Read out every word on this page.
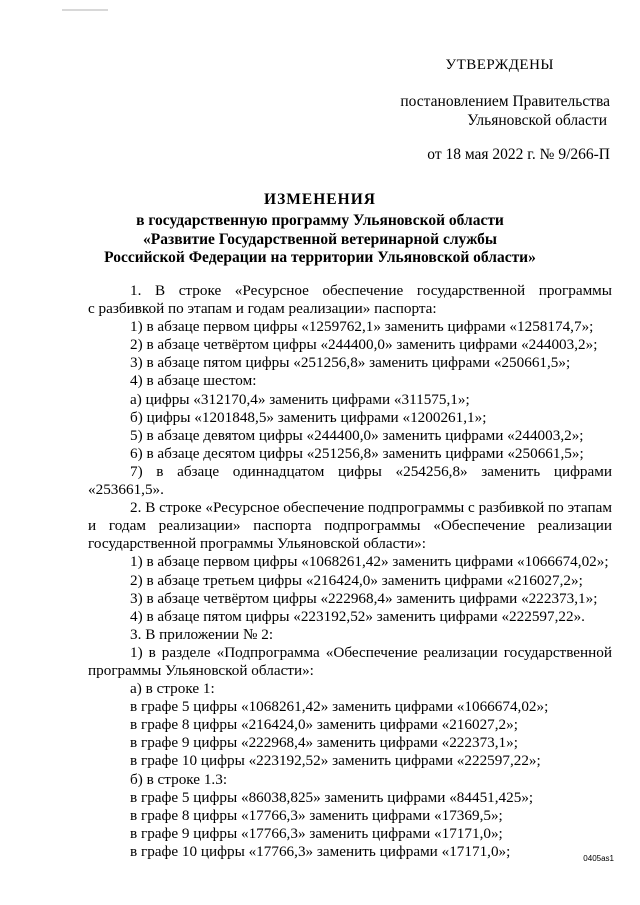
УТВЕРЖДЕНЫ
постановлением Правительства
Ульяновской области
от 18 мая 2022 г. № 9/266-П
ИЗМЕНЕНИЯ
в государственную программу Ульяновской области
«Развитие Государственной ветеринарной службы
Российской Федерации на территории Ульяновской области»

1. В строке «Ресурсное обеспечение государственной программы

с разбивкой по этапам и годам реализации» паспорта:

1) в абзаце первом цифры «1259762,1» заменить цифрами «1258174,7»;

2) в абзаце четвёртом цифры «244400,0» заменить цифрами «244003,2»;

3) в абзаце пятом цифры «251256,8» заменить цифрами «250661,5»;

4) в абзаце шестом:

а) цифры «312170,4» заменить цифрами «311575,1»;

б) цифры «1201848,5» заменить цифрами «1200261,1»;

5) в абзаце девятом цифры «244400,0» заменить цифрами «244003,2»;

6) в абзаце десятом цифры «251256,8» заменить цифрами «250661,5»;

7) в абзаце одиннадцатом цифры «254256,8» заменить цифрами

«253661,5».

2. В строке «Ресурсное обеспечение подпрограммы с разбивкой по этапам

и годам реализации» паспорта подпрограммы «Обеспечение реализации

государственной программы Ульяновской области»:

1) в абзаце первом цифры «1068261,42» заменить цифрами «1066674,02»;

2) в абзаце третьем цифры «216424,0» заменить цифрами «216027,2»;

3) в абзаце четвёртом цифры «222968,4» заменить цифрами «222373,1»;

4) в абзаце пятом цифры «223192,52» заменить цифрами «222597,22».

3. В приложении № 2:

1) в разделе «Подпрограмма «Обеспечение реализации государственной

программы Ульяновской области»:

а) в строке 1:

в графе 5 цифры «1068261,42» заменить цифрами «1066674,02»;

в графе 8 цифры «216424,0» заменить цифрами «216027,2»;

в графе 9 цифры «222968,4» заменить цифрами «222373,1»;

в графе 10 цифры «223192,52» заменить цифрами «222597,22»;

б) в строке 1.3:

в графе 5 цифры «86038,825» заменить цифрами «84451,425»;

в графе 8 цифры «17766,3» заменить цифрами «17369,5»;

в графе 9 цифры «17766,3» заменить цифрами «17171,0»;

в графе 10 цифры «17766,3» заменить цифрами «17171,0»;	0405as1
